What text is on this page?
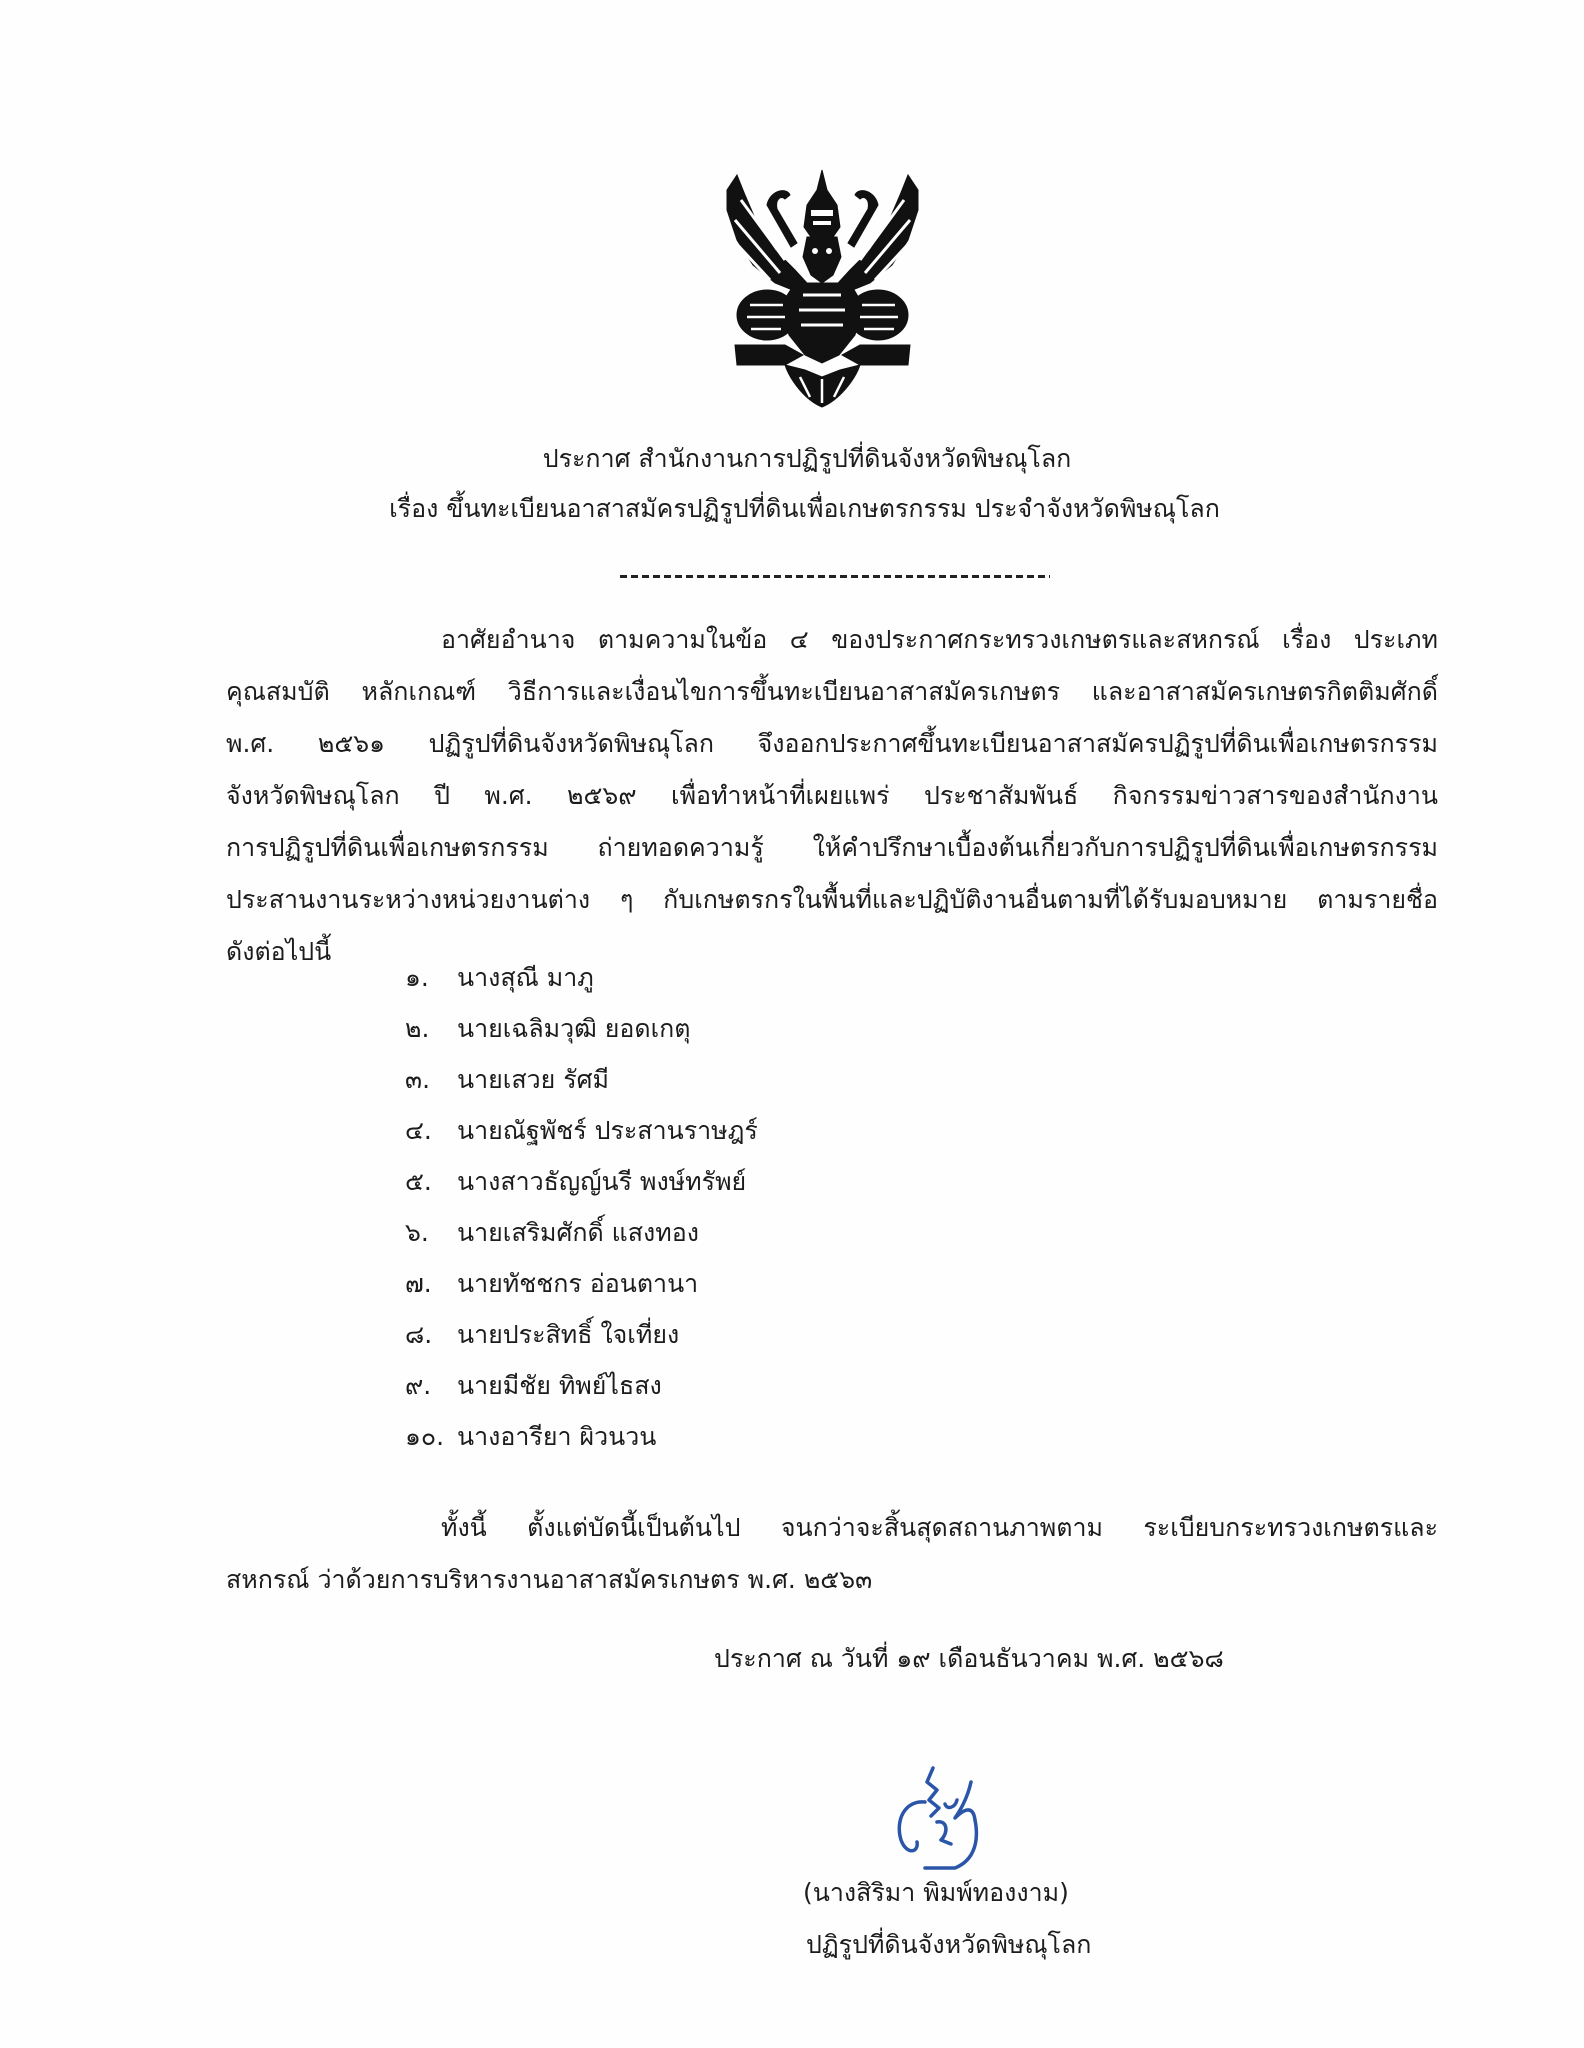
ประกาศ สำนักงานการปฏิรูปที่ดินจังหวัดพิษณุโลก
เรื่อง ขึ้นทะเบียนอาสาสมัครปฏิรูปที่ดินเพื่อเกษตรกรรม ประจำจังหวัดพิษณุโลก
อาศัยอำนาจ ตามความในข้อ ๔ ของประกาศกระทรวงเกษตรและสหกรณ์ เรื่อง ประเภท
คุณสมบัติ หลักเกณฑ์ วิธีการและเงื่อนไขการขึ้นทะเบียนอาสาสมัครเกษตร และอาสาสมัครเกษตรกิตติมศักดิ์
พ.ศ. ๒๕๖๑ ปฏิรูปที่ดินจังหวัดพิษณุโลก จึงออกประกาศขึ้นทะเบียนอาสาสมัครปฏิรูปที่ดินเพื่อเกษตรกรรม
จังหวัดพิษณุโลก ปี พ.ศ. ๒๕๖๙ เพื่อทำหน้าที่เผยแพร่ ประชาสัมพันธ์ กิจกรรมข่าวสารของสำนักงาน
การปฏิรูปที่ดินเพื่อเกษตรกรรม ถ่ายทอดความรู้ ให้คำปรึกษาเบื้องต้นเกี่ยวกับการปฏิรูปที่ดินเพื่อเกษตรกรรม
ประสานงานระหว่างหน่วยงานต่าง ๆ กับเกษตรกรในพื้นที่และปฏิบัติงานอื่นตามที่ได้รับมอบหมาย ตามรายชื่อ
ดังต่อไปนี้
๑.	นางสุณี มาภู
๒.	นายเฉลิมวุฒิ ยอดเกตุ
๓.	นายเสวย รัศมี
๔.	นายณัฐพัชร์ ประสานราษฎร์
๕.	นางสาวธัญญ์นรี พงษ์ทรัพย์
๖.	นายเสริมศักดิ์ แสงทอง
๗.	นายทัชชกร อ่อนตานา
๘. นายประสิทธิ์ ใจเที่ยง
๙.	นายมีชัย ทิพย์ไธสง
๑๐. นางอารียา ผิวนวน
ทั้งนี้ ตั้งแต่บัดนี้เป็นต้นไป จนกว่าจะสิ้นสุดสถานภาพตาม ระเบียบกระทรวงเกษตรและ
สหกรณ์ ว่าด้วยการบริหารงานอาสาสมัครเกษตร พ.ศ. ๒๕๖๓
ประกาศ ณ วันที่ ๑๙ เดือนธันวาคม พ.ศ. ๒๕๖๘
(นางสิริมา พิมพ์ทองงาม)
ปฏิรูปที่ดินจังหวัดพิษณุโลก
